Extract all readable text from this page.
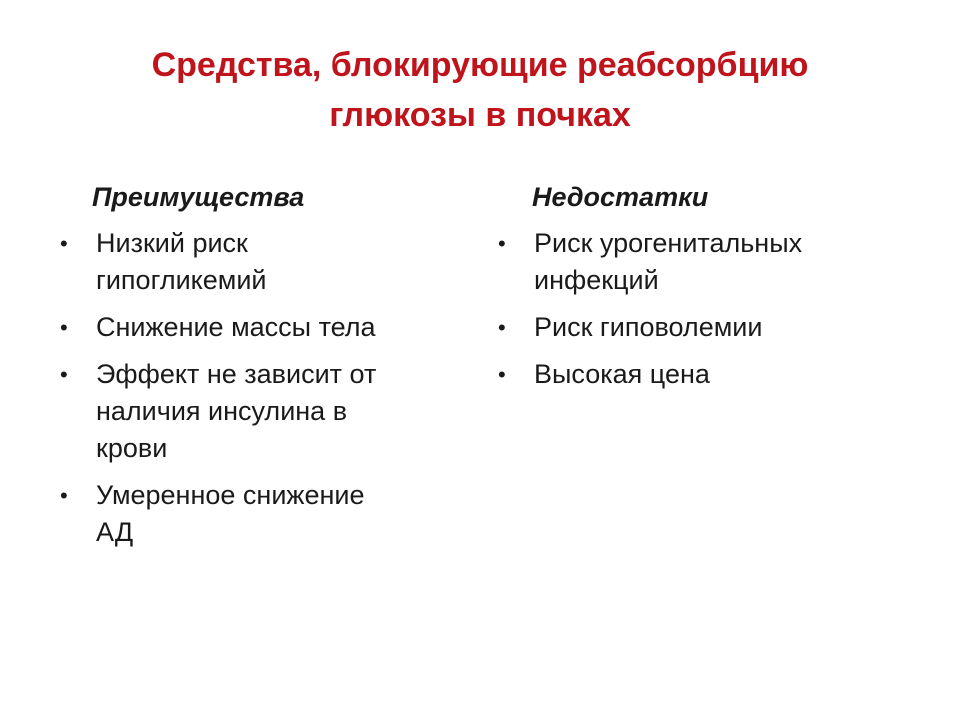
Средства, блокирующие реабсорбцию
глюкозы в почках
Преимущества
• Низкий риск
гипогликемий
• Снижение массы тела
• Эффект не зависит от
наличия инсулина в
крови
• Умеренное снижение
АД
Недостатки
• Риск урогенитальных
инфекций
• Риск гиповолемии
• Высокая цена
